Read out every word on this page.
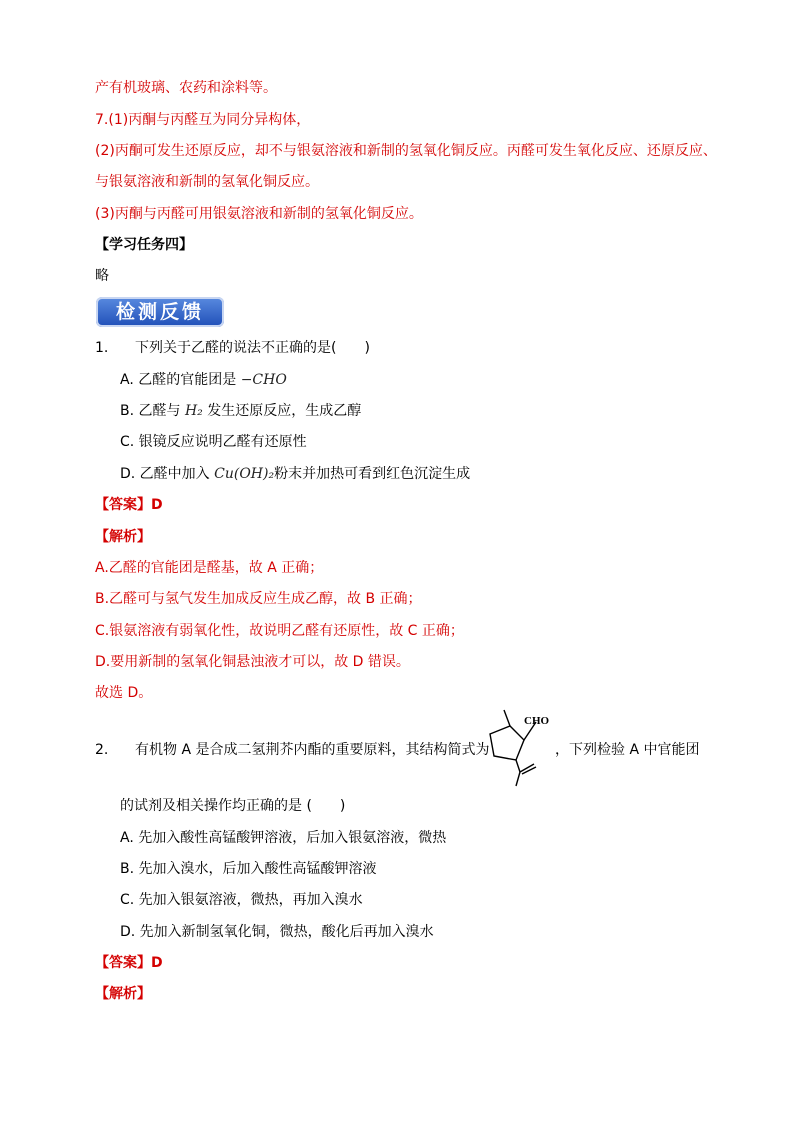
产有机玻璃、农药和涂料等。
7.(1)丙酮与丙醛互为同分异构体，
(2)丙酮可发生还原反应，却不与银氨溶液和新制的氢氧化铜反应。丙醛可发生氧化反应、还原反应、
与银氨溶液和新制的氢氧化铜反应。
(3)丙酮与丙醛可用银氨溶液和新制的氢氧化铜反应。
【学习任务四】
略
检测反馈
1. 下列关于乙醛的说法不正确的是(　　)
A. 乙醛的官能团是 −CHO
B. 乙醛与 H₂ 发生还原反应，生成乙醇
C. 银镜反应说明乙醛有还原性
D. 乙醛中加入 Cu(OH)₂粉末并加热可看到红色沉淀生成
【答案】D
【解析】
A.乙醛的官能团是醛基，故 A 正确；
B.乙醛可与氢气发生加成反应生成乙醇，故 B 正确；
C.银氨溶液有弱氧化性，故说明乙醛有还原性，故 C 正确；
D.要用新制的氢氧化铜悬浊液才可以，故 D 错误。
故选 D。
2. 有机物 A 是合成二氢荆芥内酯的重要原料，其结构简式为	，下列检验 A 中官能团
CHO
的试剂及相关操作均正确的是 (　　)
A. 先加入酸性高锰酸钾溶液，后加入银氨溶液，微热
B. 先加入溴水，后加入酸性高锰酸钾溶液
C. 先加入银氨溶液，微热，再加入溴水
D. 先加入新制氢氧化铜，微热，酸化后再加入溴水
【答案】D
【解析】
